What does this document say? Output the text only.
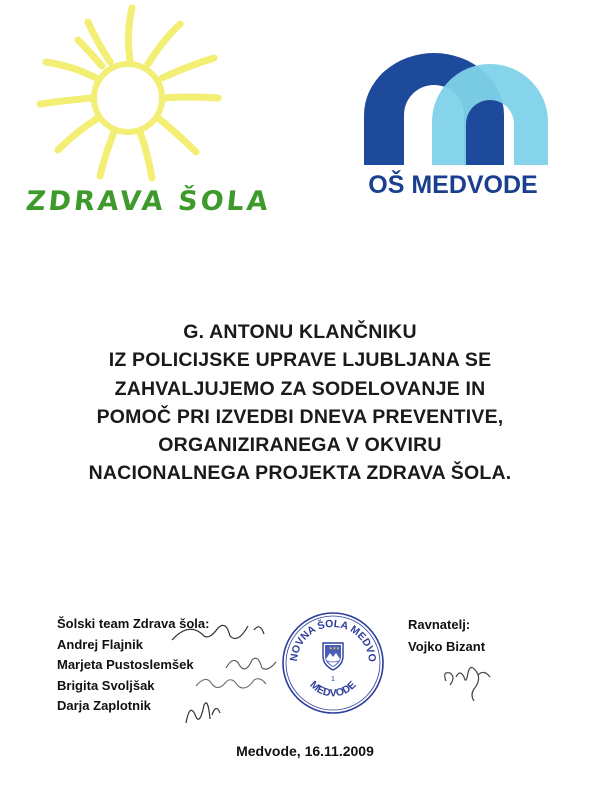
ZDRAVA ŠOLA
OŠ MEDVODE
G. ANTONU KLANČNIKU
IZ POLICIJSKE UPRAVE LJUBLJANA SE
ZAHVALJUJEMO ZA SODELOVANJE IN
POMOČ PRI IZVEDBI DNEVA PREVENTIVE,
ORGANIZIRANEGA V OKVIRU
NACIONALNEGA PROJEKTA ZDRAVA ŠOLA.
Šolski team Zdrava šola:
Andrej Flajnik
Marjeta Pustoslemšek
Brigita Svoljšak
Darja Zaplotnik
NOVNA ŠOLA MEDVO
MEDVODE
★★★
1
Ravnatelj:
Vojko Bizant
Medvode, 16.11.2009
